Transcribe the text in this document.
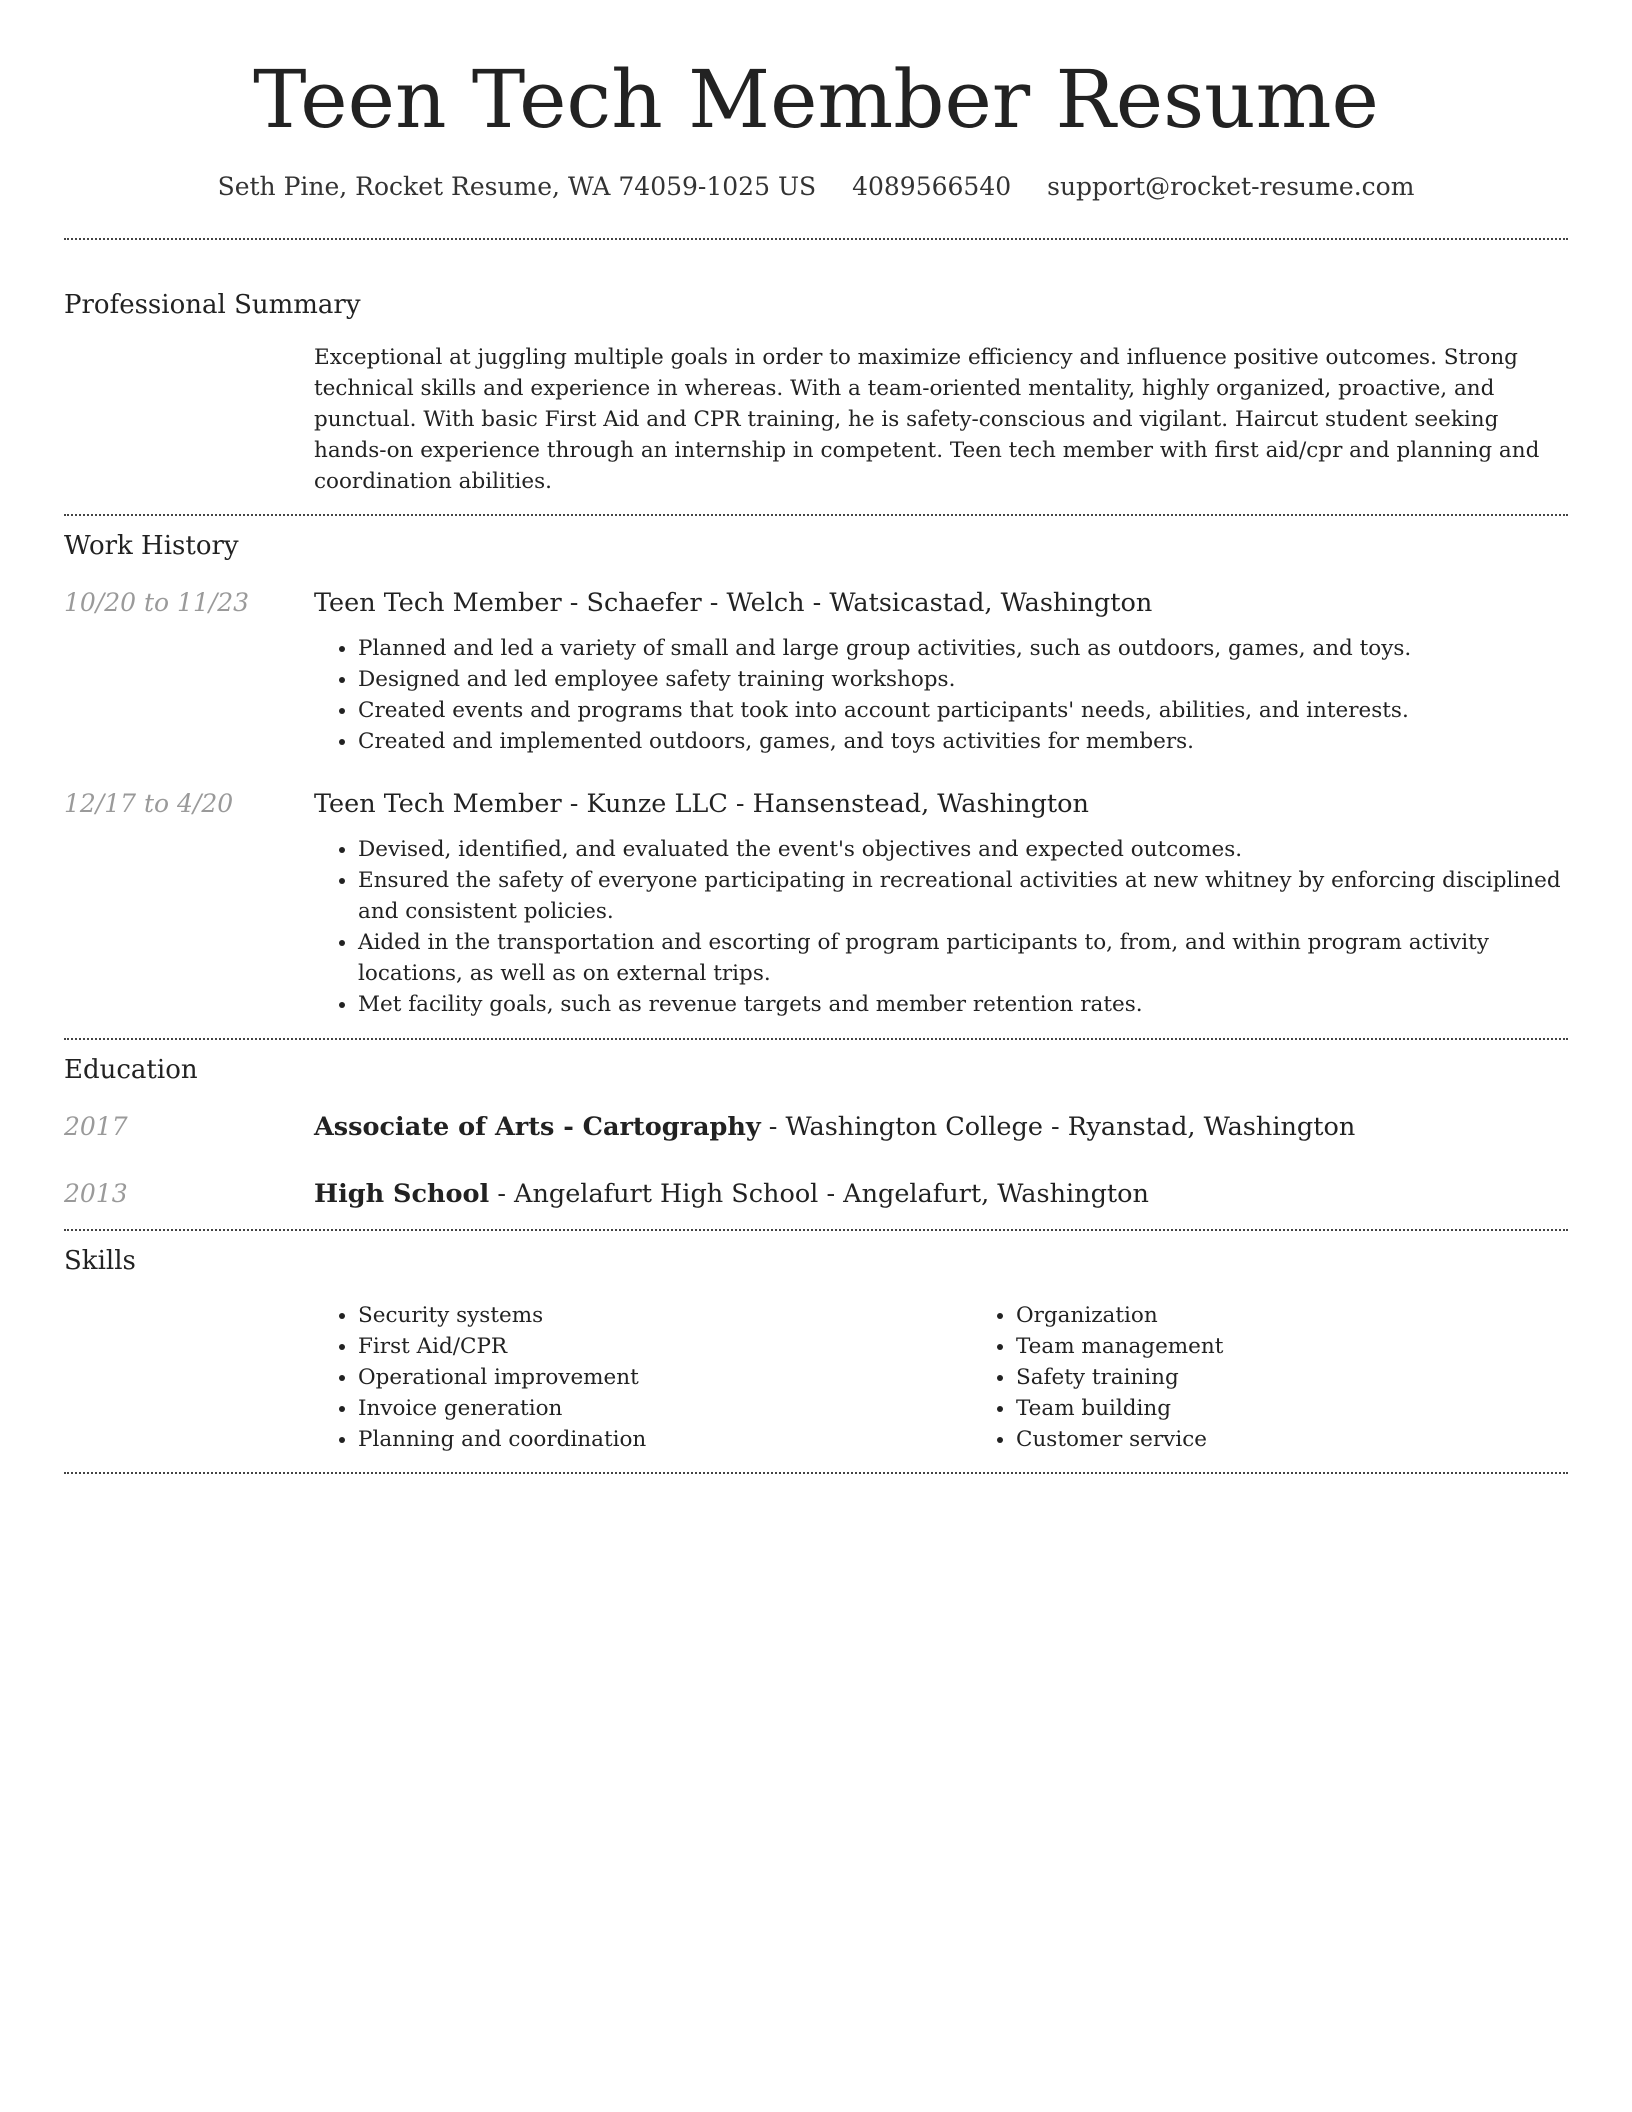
Teen Tech Member Resume
Seth Pine, Rocket Resume, WA 74059-1025 US 4089566540 support@rocket-resume.com
Professional Summary

Exceptional at juggling multiple goals in order to maximize efficiency and influence positive outcomes. Strong technical skills and experience in whereas. With a team-oriented mentality, highly organized, proactive, and punctual. With basic First Aid and CPR training, he is safety-conscious and vigilant. Haircut student seeking hands-on experience through an internship in competent. Teen tech member with first aid/cpr and planning and coordination abilities.

Work History
10/20 to 11/23	Teen Tech Member - Schaefer - Welch - Watsicastad, Washington

• Planned and led a variety of small and large group activities, such as outdoors, games, and toys.
• Designed and led employee safety training workshops.
• Created events and programs that took into account participants' needs, abilities, and interests.
• Created and implemented outdoors, games, and toys activities for members.
12/17 to 4/20	Teen Tech Member - Kunze LLC - Hansenstead, Washington

• Devised, identified, and evaluated the event's objectives and expected outcomes.
• Ensured the safety of everyone participating in recreational activities at new whitney by enforcing disciplined and consistent policies.
• Aided in the transportation and escorting of program participants to, from, and within program activity locations, as well as on external trips.
• Met facility goals, such as revenue targets and member retention rates.
Education
2017	Associate of Arts - Cartography - Washington College - Ryanstad, Washington
2013	High School - Angelafurt High School - Angelafurt, Washington
Skills
• Security systems
• First Aid/CPR
• Operational improvement
• Invoice generation
• Planning and coordination
• Organization
• Team management
• Safety training
• Team building
• Customer service
